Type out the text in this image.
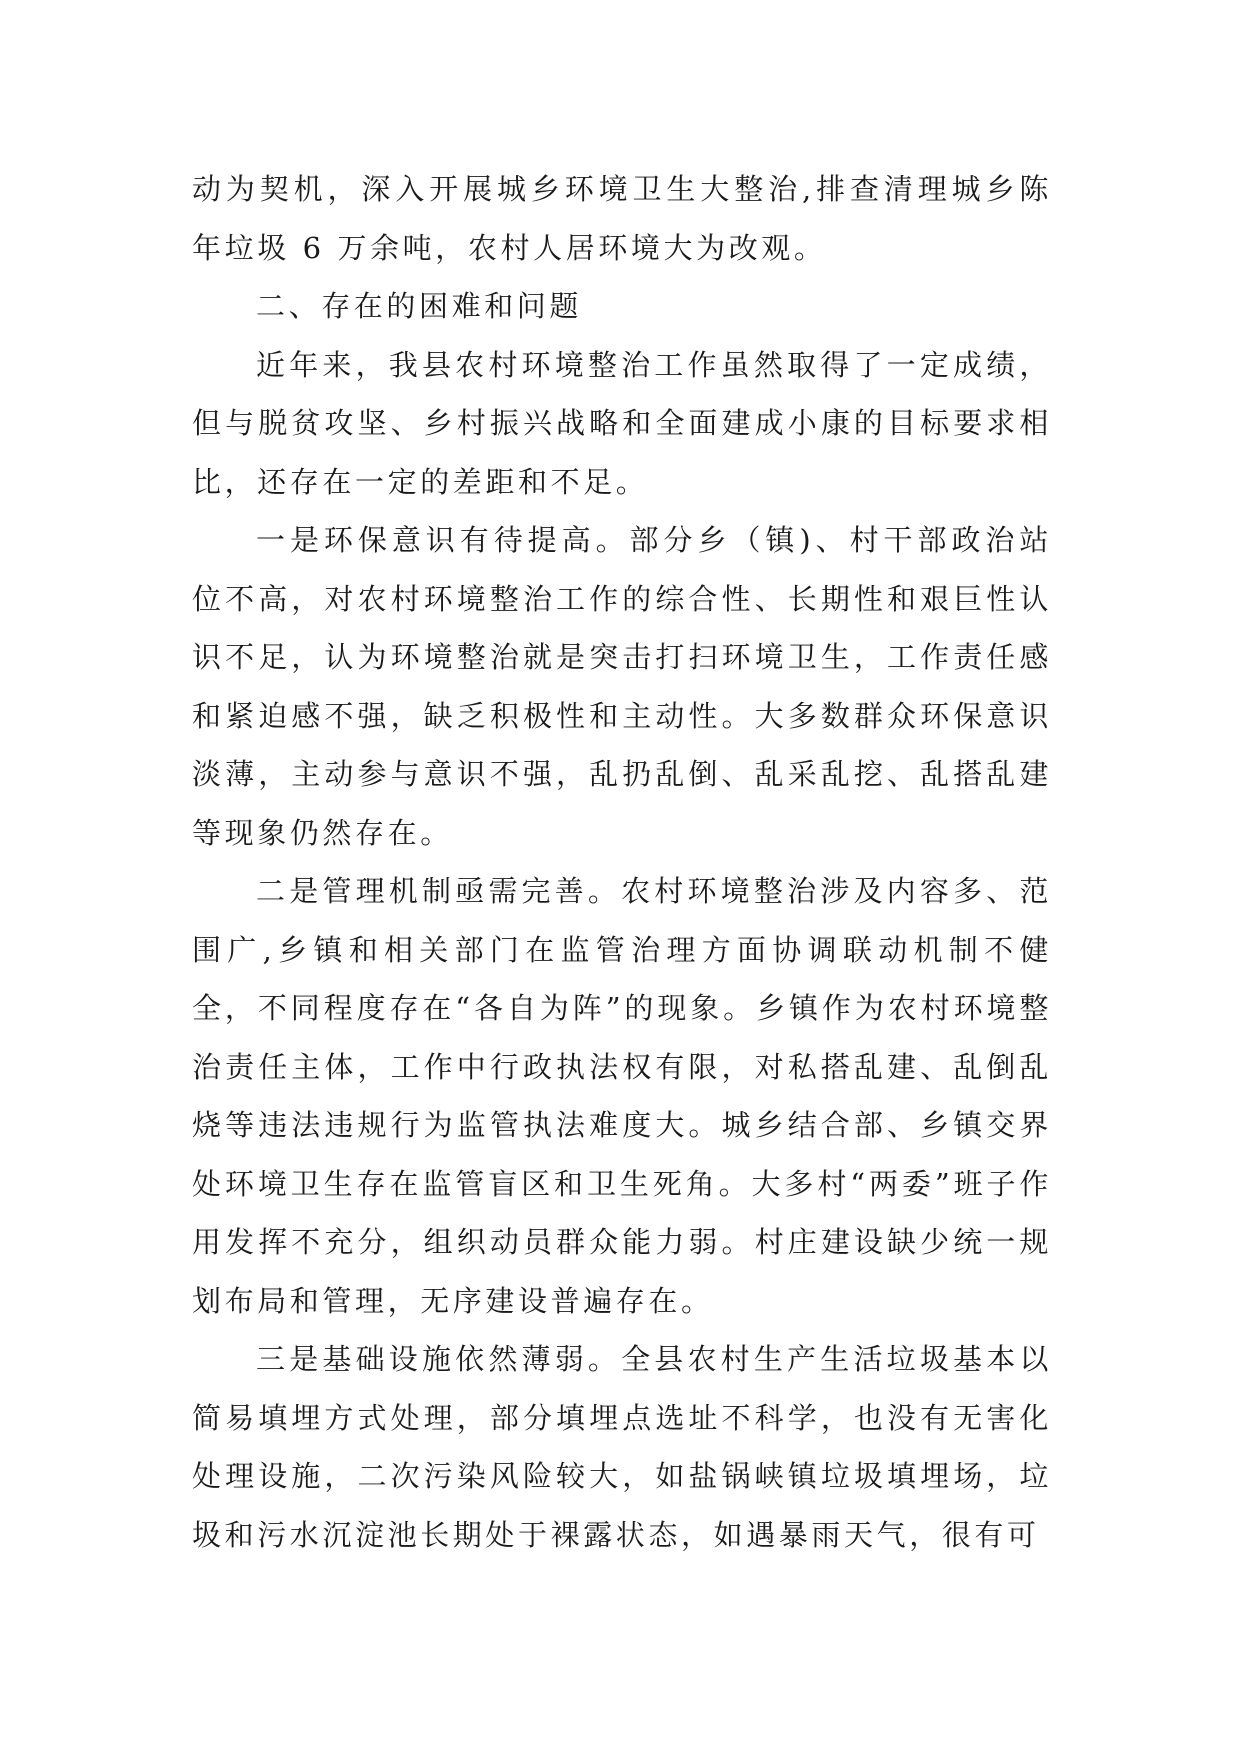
动为契机，深入开展城乡环境卫生大整治,排查清理城乡陈年垃圾 6 万余吨，农村人居环境大为改观。

二、存在的困难和问题

近年来，我县农村环境整治工作虽然取得了一定成绩，但与脱贫攻坚、乡村振兴战略和全面建成小康的目标要求相比，还存在一定的差距和不足。

一是环保意识有待提高。部分乡（镇)、村干部政治站位不高，对农村环境整治工作的综合性、长期性和艰巨性认识不足，认为环境整治就是突击打扫环境卫生，工作责任感和紧迫感不强，缺乏积极性和主动性。大多数群众环保意识淡薄，主动参与意识不强，乱扔乱倒、乱采乱挖、乱搭乱建等现象仍然存在。

二是管理机制亟需完善。农村环境整治涉及内容多、范围广,乡镇和相关部门在监管治理方面协调联动机制不健全，不同程度存在“各自为阵”的现象。乡镇作为农村环境整治责任主体，工作中行政执法权有限，对私搭乱建、乱倒乱烧等违法违规行为监管执法难度大。城乡结合部、乡镇交界处环境卫生存在监管盲区和卫生死角。大多村“两委”班子作用发挥不充分，组织动员群众能力弱。村庄建设缺少统一规划布局和管理，无序建设普遍存在。

三是基础设施依然薄弱。全县农村生产生活垃圾基本以简易填埋方式处理，部分填埋点选址不科学，也没有无害化处理设施，二次污染风险较大，如盐锅峡镇垃圾填埋场，垃圾和污水沉淀池长期处于裸露状态，如遇暴雨天气，很有可
